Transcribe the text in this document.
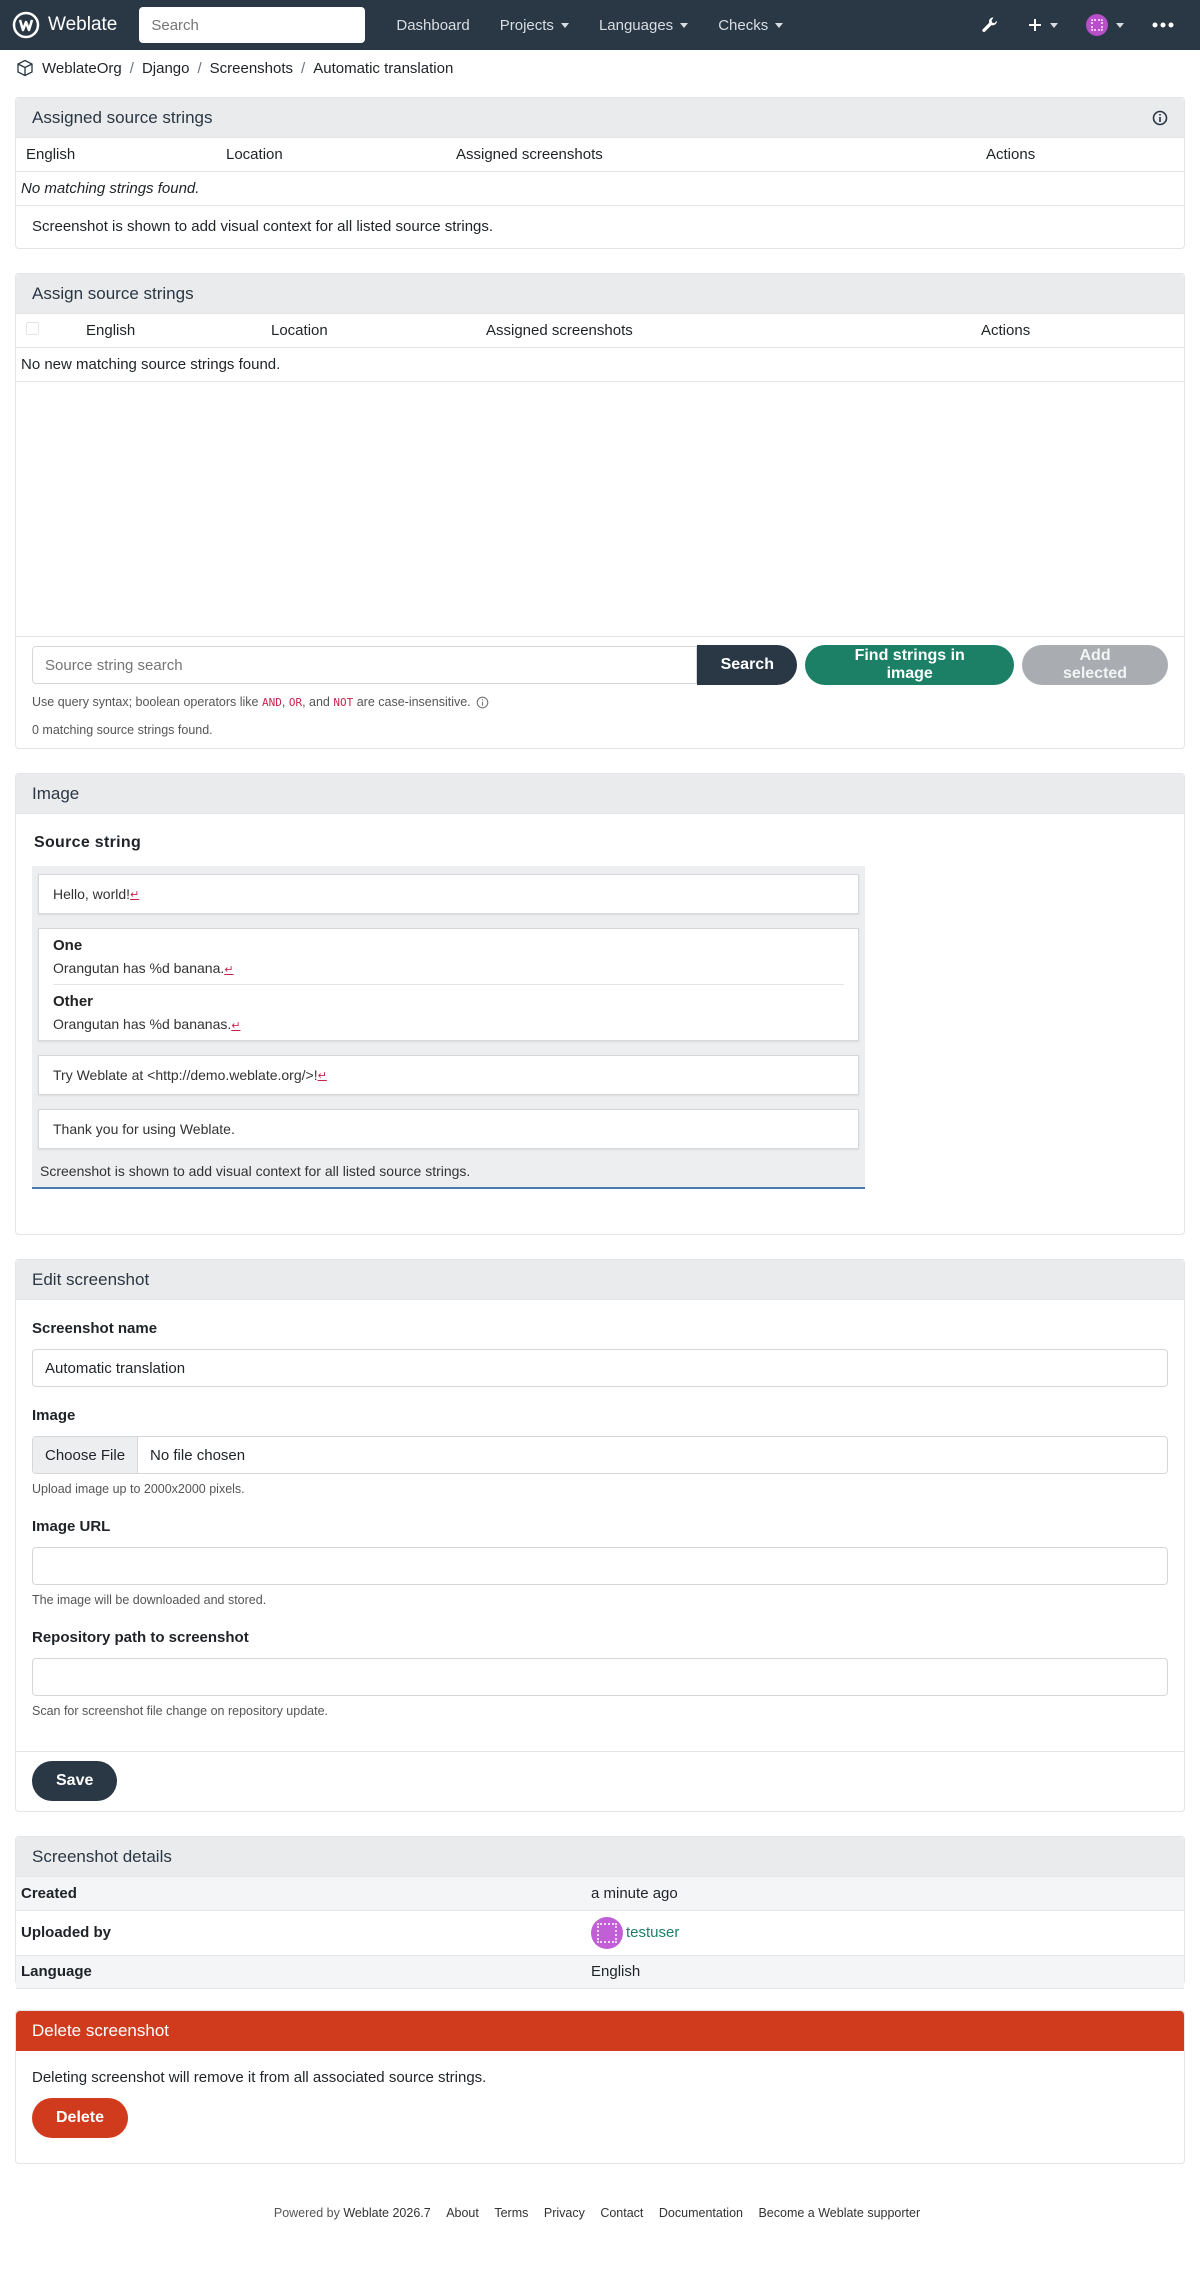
Weblate
Search	Dashboard Projects	Languages	Checks
WeblateOrg / Django / Screenshots / Automatic translation
Assigned source strings
English	Location	Assigned screenshots	Actions
No matching strings found.
Screenshot is shown to add visual context for all listed source strings.
Assign source strings
	English	Location	Assigned screenshots	Actions
No new matching source strings found.
Source string search
Search
Find strings in image
Add selected
Use query syntax; boolean operators like AND, OR, and NOT are case-insensitive.
0 matching source strings found.
Image
Source string
Hello, world! ↵
One
Orangutan has %d banana.↵
Other
Orangutan has %d bananas.↵
Try Weblate at <http://demo.weblate.org/>! ↵
Thank you for using Weblate.
Screenshot is shown to add visual context for all listed source strings.
Edit screenshot
Screenshot name
Automatic translation
Image
Choose File	No file chosen
Upload image up to 2000x2000 pixels.
Image URL
The image will be downloaded and stored.
Repository path to screenshot
Scan for screenshot file change on repository update.
Save
Screenshot details
Created	a minute ago
Uploaded by	testuser
Language	English
Delete screenshot
Deleting screenshot will remove it from all associated source strings.
Delete
Powered by Weblate 2026.7 About Terms Privacy Contact Documentation Become a Weblate supporter
